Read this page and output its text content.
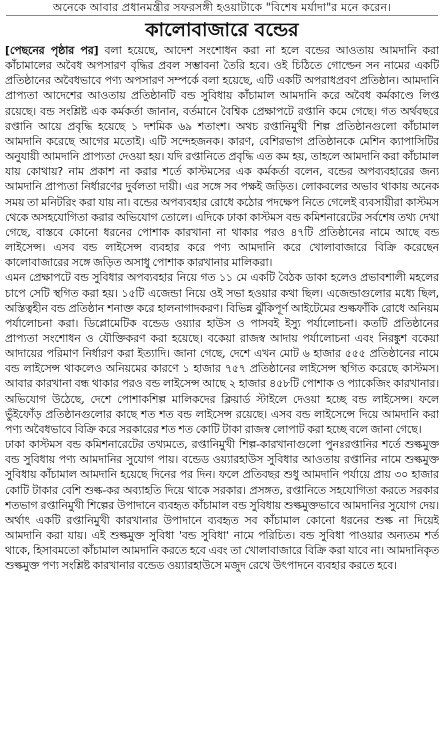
অনেকে আবার প্রধানমন্ত্রীর সফরসঙ্গী হওয়াটাকে "বিশেষ মর্যাদা"র মনে করেন।
কালোবাজারে বন্ডের

[পেছনের পৃষ্ঠার পর] বলা হয়েছে, আদেশ সংশোধন করা না হলে বন্ডের আওতায় আমদানি করা কাঁচামালের অবৈধ অপসারণ বৃদ্ধির প্রবল সম্ভাবনা তৈরি হবে। ওই চিঠিতে গোল্ডেন সন নামের একটি প্রতিষ্ঠানের অবৈধভাবে পণ্য অপসারণ সম্পর্কে বলা হয়েছে, এটি একটি অপরাধপ্রবণ প্রতিষ্ঠান। আমদানি প্রাপ্যতা আদেশের আওতায় প্রতিষ্ঠানটি বন্ড সুবিধায় কাঁচামাল আমদানি করে অবৈধ কর্মকাণ্ডে লিপ্ত রয়েছে। বন্ড সংশ্লিষ্ট এক কর্মকর্তা জানান, বর্তমানে বৈশ্বিক প্রেক্ষাপটে রপ্তানি কমে গেছে। গত অর্থবছরে রপ্তানি আয়ে প্রবৃদ্ধি হয়েছে ১ দশমিক ৬৯ শতাংশ। অথচ রপ্তানিমুখী শিল্প প্রতিষ্ঠানগুলো কাঁচামাল আমদানি করেছে আগের মতোই। এটি সন্দেহজনক। কারণ, বেশিরভাগ প্রতিষ্ঠানকে মেশিন ক্যাপাসিটির অনুযায়ী আমদানি প্রাপ্যতা দেওয়া হয়। যদি রপ্তানিতে প্রবৃদ্ধি এত কম হয়, তাহলে আমদানি করা কাঁচামাল যায় কোথায়? নাম প্রকাশ না করার শর্তে কাস্টমসের এক কর্মকর্তা বলেন, বন্ডের অপব্যবহারের জন্য আমদানি প্রাপ্যতা নির্ধারণের দুর্বলতা দায়ী। এর সঙ্গে সব পক্ষই জড়িত। লোকবলের অভাব থাকায় অনেক সময় তা মনিটরিং করা যায় না। বন্ডের অপব্যবহার রোধে কঠোর পদক্ষেপ নিতে গেলেই ব্যবসায়ীরা কাস্টমস থেকে অসহযোগিতা করার অভিযোগ তোলে। এদিকে ঢাকা কাস্টমস বন্ড কমিশনারেটের সর্বশেষ তথ্য দেখা গেছে, বাস্তবে কোনো ধরনের পোশাক কারখানা না থাকার পরও ৪৭টি প্রতিষ্ঠানের নামে আছে বন্ড লাইসেন্স। এসব বন্ড লাইসেন্স ব্যবহার করে পণ্য আমদানি করে খোলাবাজারে বিক্রি করেছেন কালোবাজারের সঙ্গে জড়িত অসাধু পোশাক কারখানার মালিকরা।

এমন প্রেক্ষাপটে বন্ড সুবিধার অপব্যবহার নিয়ে গত ১১ মে একটি বৈঠক ডাকা হলেও প্রভাবশালী মহলের চাপে সেটি স্থগিত করা হয়। ১৫টি এজেন্ডা নিয়ে ওই সভা হওয়ার কথা ছিল। এজেন্ডাগুলোর মধ্যে ছিল, অস্তিত্বহীন বন্ড প্রতিষ্ঠান শনাক্ত করে হালনাগাদকরণ। বিভিন্ন ঝুঁকিপূর্ণ আইটেমের শুল্কফাঁকি রোধে অনিয়ম পর্যালোচনা করা। ডিপ্লোমেটিক বন্ডেড ওয়্যার হাউস ও পাসবই ইস্যু পর্যালোচনা। কতটি প্রতিষ্ঠানের প্রাপ্যতা সংশোধন ও যৌক্তিকরণ করা হয়েছে। বকেয়া রাজস্ব আদায় পর্যালোচনা এবং নিরঙ্কুশ বকেয়া আদায়ের পরিমাণ নির্ধারণ করা ইত্যাদি। জানা গেছে, দেশে এখন মোট ৬ হাজার ৫৫৫ প্রতিষ্ঠানের নামে বন্ড লাইসেন্স থাকলেও অনিয়মের কারণে ১ হাজার ৭৫৭ প্রতিষ্ঠানের লাইসেন্স স্থগিত করেছে কাস্টমস। আবার কারখানা বন্ধ থাকার পরও বন্ড লাইসেন্স আছে ২ হাজার ৪৫৮টি পোশাক ও প্যাকেজিং কারখানার। অভিযোগ উঠেছে, দেশে পোশাকশিল্প মালিকদের ক্লিয়ার্ড স্টাইলে দেওয়া হচ্ছে বন্ড লাইসেন্স। ফলে ভুঁইফোঁড় প্রতিষ্ঠানগুলোর কাছে শত শত বন্ড লাইসেন্স রয়েছে। এসব বন্ড লাইসেন্সে দিয়ে আমদানি করা পণ্য অবৈধভাবে বিক্রি করে সরকারের শত শত কোটি টাকা রাজস্ব লোপাট করা হচ্ছে বলে জানা গেছে।

ঢাকা কাস্টমস বন্ড কমিশনারেটের তথ্যমতে, রপ্তানিমুখী শিল্প-কারখানাগুলো পুনঃরপ্তানির শর্তে শুল্কমুক্ত বন্ড সুবিধায় পণ্য আমদানির সুযোগ পায়। বন্ডেড ওয়্যারহাউস সুবিধার আওতায় রপ্তানির নামে শুল্কমুক্ত সুবিধায় কাঁচামাল আমদানি হয়েছে দিনের পর দিন। ফলে প্রতিবছর শুধু আমদানি পর্যায়ে প্রায় ৩০ হাজার কোটি টাকার বেশি শুল্ক-কর অব্যাহতি দিয়ে থাকে সরকার। প্রসঙ্গত, রপ্তানিতে সহযোগিতা করতে সরকার শতভাগ রপ্তানিমুখী শিল্পের উপাদানে ব্যবহৃত কাঁচামাল বন্ড সুবিধায় শুল্কমুক্তভাবে আমদানির সুযোগ দেয়। অর্থাৎ একটি রপ্তানিমুখী কারখানার উপাদানে ব্যবহৃত সব কাঁচামাল কোনো ধরনের শুল্ক না দিয়েই আমদানি করা যায়। এই শুল্কমুক্ত সুবিধা 'বন্ড সুবিধা' নামে পরিচিত। বন্ড সুবিধা পাওয়ার অন্যতম শর্ত থাকে, হিসাবমতো কাঁচামাল আমদানি করতে হবে এবং তা খোলাবাজারে বিক্রি করা যাবে না। আমদানিকৃত শুল্কমুক্ত পণ্য সংশ্লিষ্ট কারখানার বন্ডেড ওয়্যারহাউসে মজুদ রেখে উৎপাদনে ব্যবহার করতে হবে।
